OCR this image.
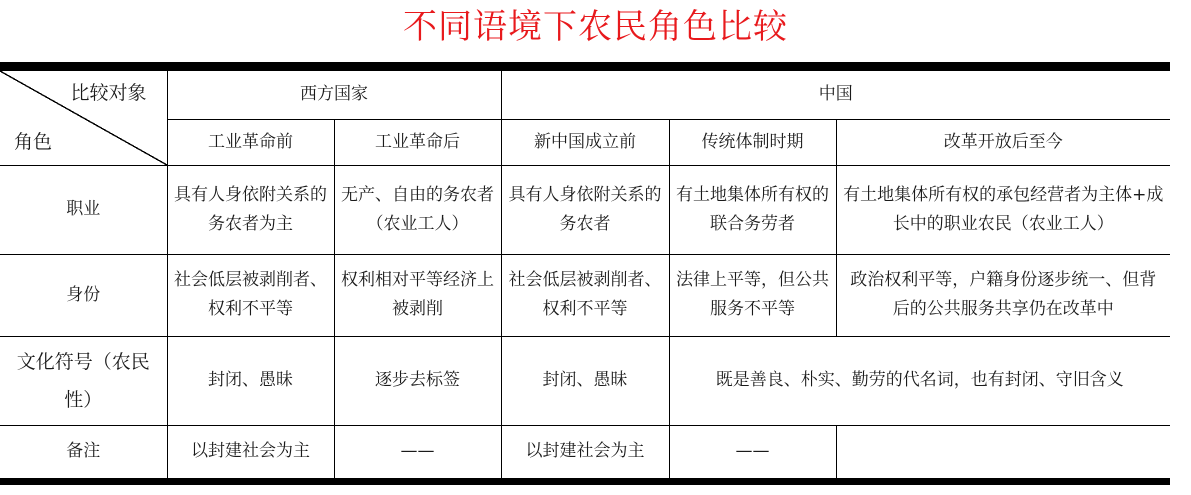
不同语境下农民角色比较
比较对象
角色	西方国家		中国		
	工业革命前	工业革命后	新中国成立前	传统体制时期	改革开放后至今
职业	具有人身依附关系的务农者为主	无产、自由的务农者（农业工人）	具有人身依附关系的务农者	有土地集体所有权的联合务劳者	有土地集体所有权的承包经营者为主体+成长中的职业农民（农业工人）
身份	社会低层被剥削者、权利不平等	权利相对平等经济上被剥削	社会低层被剥削者、权利不平等	法律上平等，但公共服务不平等	政治权利平等，户籍身份逐步统一、但背后的公共服务共享仍在改革中
文化符号（农民性）	封闭、愚昧	逐步去标签	封闭、愚昧	既是善良、朴实、勤劳的代名词，也有封闭、守旧含义	
备注	以封建社会为主	——	以封建社会为主	——	
